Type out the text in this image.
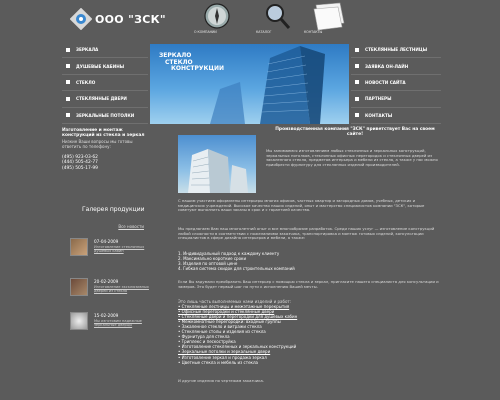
ООО "ЗСК"
О КОМПАНИИ	КАТАЛОГ	КОНТАКТЫ
ЗЕРКАЛА
ДУШЕВЫЕ КАБИНЫ
СТЕКЛО
СТЕКЛЯННЫЕ ДВЕРИ
ЗЕРКАЛЬНЫЕ ПОТОЛКИ
ЗЕРКАЛО
СТЕКЛО
КОНСТРУКЦИИ
СТЕКЛЯННЫЕ ЛЕСТНИЦЫ
ЗАЯВКА ОН-ЛАЙН
НОВОСТИ САЙТА
ПАРТНЕРЫ
КОНТАКТЫ
Изготовление и монтаж конструкций из стекла и зеркал
Низкие Ваши вопросы мы готовы ответить по телефону:
(495) 923-03-62
(444) 505-42-77
(495) 505-17-99
Галерея продукции
Все новости
07-04-2009
Изготовление стеклянных душевых кабин
20-02-2009
Изготовление эксклюзивных дверей из стекла
15-02-2009
Мы изготовим надежные зеркальные дверцы
Производственная компания "ЗСК" приветствует Вас на своем сайте!
Мы занимаемся изготовлением любых стеклянных и зеркальных конструкций, зеркальных потолков, стеклянных офисных перегородок и стеклянных дверей из закаленного стекла, предметов интерьера и мебели из стекла, а также у нас можно приобрести фурнитуру для стеклянных изделий производителей.
С нашим участием оформлены интерьеры многих офисов, частных квартир и загородных домов, учебных, детских и медицинских учреждений. Высокое качество наших изделий, опыт и мастерство специалистов компании "ЗСК", которые советуют выполнить ваши заказы в срок и с гарантией качества.
Мы предлагаем Вам наш многолетний опыт и все многообразие разработок. Среди наших услуг — изготовление конструкций любой сложности в соответствии с пожеланиями заказчика, транспортировка и монтаж готовых изделий, консультации специалистов в сфере дизайна интерьеров и мебели, а также:
1. Индивидуальный подход к каждому клиенту
2. Максимально короткие сроки
3. Изделия по оптовой цене
4. Гибкая система скидок для строительных компаний
Если Вы задумали преобразить Ваш интерьер с помощью стекла и зеркал, пригласите нашего специалиста для консультации и замеров. Это будет первый шаг на пути к исполнению Вашей мечты.
Это лишь часть выполняемых нами изделий и работ:
• Стеклянные лестницы и межэтажные перекрытия
• Офисные перегородки и стеклянные двери
• Стеклянные двери и перегородки для душевых кабин
• Межкомнатные перегородки: входные группы
• Закаленное стекло и витражи стекла
• Стеклянные столы и изделия из стекла
• Фурнитура для стекла
• Триплекс и пескоструйка
• Изготовление стеклянных и зеркальных конструкций
• Зеркальные потолки и зеркальные двери
• Изготовление зеркал и продажа зеркал
• Цветные стекла и мебель из стекла
И другие изделия по чертежам заказчика.
